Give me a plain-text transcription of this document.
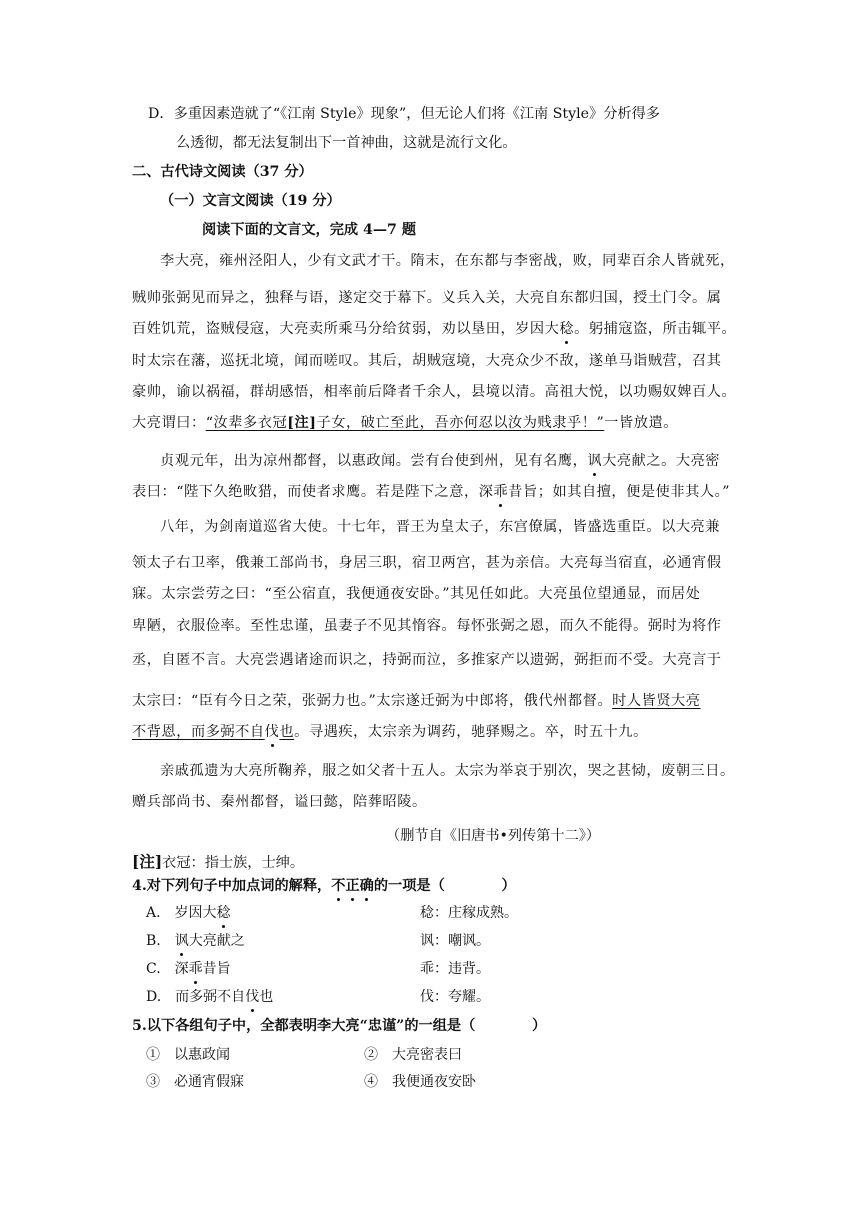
D．多重因素造就了“《江南 Style》现象”，但无论人们将《江南 Style》分析得多
么透彻，都无法复制出下一首神曲，这就是流行文化。
二、古代诗文阅读（37 分）
（一）文言文阅读（19 分）
阅读下面的文言文，完成 4—7 题
李大亮，雍州泾阳人，少有文武才干。隋末，在东都与李密战，败，同辈百余人皆就死，
贼帅张弼见而异之，独释与语，遂定交于幕下。义兵入关，大亮自东都归国，授土门令。属
百姓饥荒，盗贼侵寇，大亮卖所乘马分给贫弱，劝以垦田，岁因大稔。躬捕寇盗，所击辄平。
时太宗在藩，巡抚北境，闻而嗟叹。其后，胡贼寇境，大亮众少不敌，遂单马诣贼营，召其
豪帅，谕以祸福，群胡感悟，相率前后降者千余人，县境以清。高祖大悦，以功赐奴婢百人。
大亮谓曰：“汝辈多衣冠[注]子女，破亡至此，吾亦何忍以汝为贱隶乎！”一皆放遣。
贞观元年，出为凉州都督，以惠政闻。尝有台使到州，见有名鹰，讽大亮献之。大亮密
表曰：“陛下久绝畋猎，而使者求鹰。若是陛下之意，深乖昔旨；如其自擅，便是使非其人。”
八年，为剑南道巡省大使。十七年，晋王为皇太子，东宫僚属，皆盛选重臣。以大亮兼
领太子右卫率，俄兼工部尚书，身居三职，宿卫两宫，甚为亲信。大亮每当宿直，必通宵假
寐。太宗尝劳之曰：“至公宿直，我便通夜安卧。”其见任如此。大亮虽位望通显，而居处
卑陋，衣服俭率。至性忠谨，虽妻子不见其惰容。每怀张弼之恩，而久不能得。弼时为将作
丞，自匿不言。大亮尝遇诸途而识之，持弼而泣，多推家产以遗弼，弼拒而不受。大亮言于
太宗曰：“臣有今日之荣，张弼力也。”太宗遂迁弼为中郎将，俄代州都督。时人皆贤大亮
不背恩，而多弼不自伐也。寻遇疾，太宗亲为调药，驰驿赐之。卒，时五十九。
亲戚孤遗为大亮所鞠养，服之如父者十五人。太宗为举哀于别次，哭之甚恸，废朝三日。
赠兵部尚书、秦州都督，谥曰懿，陪葬昭陵。
（删节自《旧唐书•列传第十二》）
[注]衣冠：指士族，士绅。
4.对下列句子中加点词的解释，不正确的一项是（　　　　）
A.　岁因大稔	稔：庄稼成熟。
B.　讽大亮献之	讽：嘲讽。
C.　深乖昔旨	乖：违背。
D.　而多弼不自伐也	伐：夸耀。
5.以下各组句子中，全都表明李大亮“忠谨”的一组是（　　　　）
①　 以惠政闻	②　 大亮密表曰
③　 必通宵假寐	④　 我便通夜安卧
